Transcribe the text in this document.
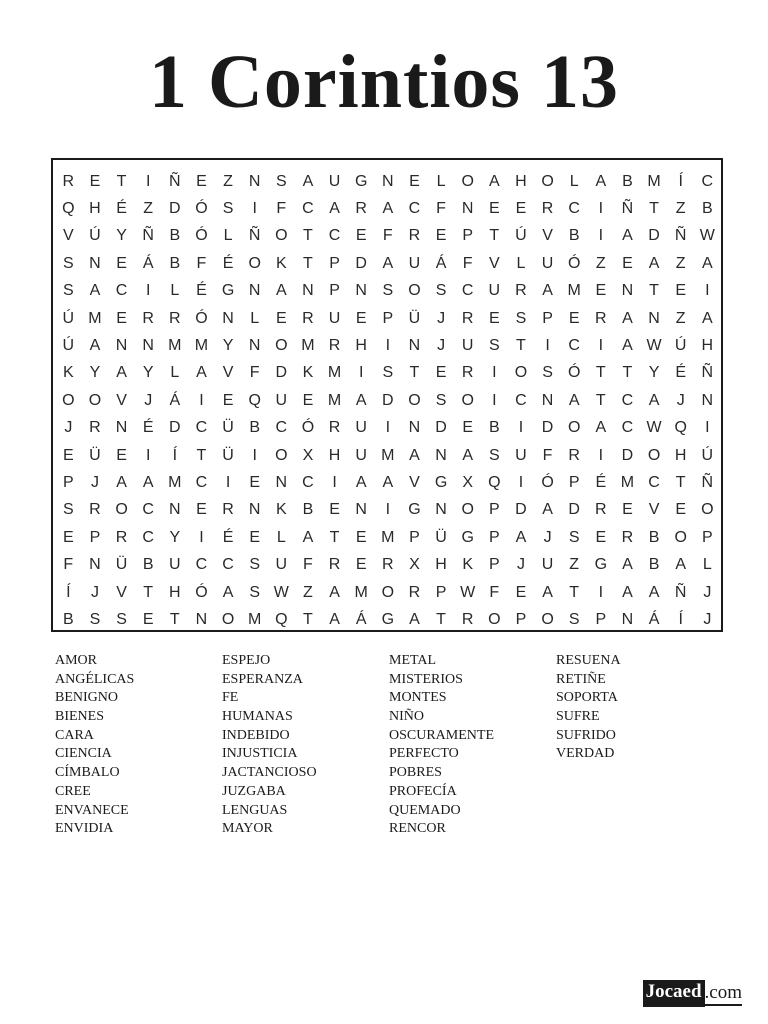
1 Corintios 13
R E	T	I	Ñ E	Z N S A U G N E	L O A H O L	A B M	Í	C
Q H É	Z D Ó S	I	F C A R A C F N E E R C	I	Ñ T	Z	B
V Ú Y Ñ B Ó L	Ñ O T C E	F R E P	T Ú V B	I	A D Ñ W
S N E Á B	F	É O K	T	P D A U Á	F	V	L	U Ó Z	E A	Z	A
S A C	I	L	É G N A N P N S O S C U R A M E N T	E	I
Ú M E R R Ó N	L	E R U E P Ü	J	R E S P E R A N Z	A
Ú A N N M M Y N O M R H	I	N	J	U S	T	I	C	I	A W Ú H
K Y A Y	L	A V	F D K M	I	S	T	E R	I	O S Ó T	T	Y É Ñ
O O V	J	Á	I	E Q U E M A D O S O	I	C N A	T C A	J	N
J	R N É D C Ü B C Ó R U	I	N D E B	I	D O A C W Q	I
E Ü E	I	Í	T Ü	I	O X H U M A N A S U F R	I	D O H Ú
P	J	A A M C	I	E N C	I	A A V G X Q	I	Ó P É M C T Ñ
S R O C N E R N K B E N	I	G N O P D A D R E V E O
E P R C Y	I	É E	L	A	T	E M P Ü G P A	J	S E R B O P
F N Ü B U C C S U F R E R X H K P	J	U Z G A B A	L
Í	J	V	T H Ó A S W Z	A M O R P W F	E A	T	I	A A Ñ	J
B S S E	T N O M Q T	A Á G A	T R O P O S P N Á	Í	J
AMOR
ANGÉLICAS
BENIGNO
BIENES
CARA
CIENCIA
CÍMBALO
CREE
ENVANECE
ENVIDIA
ESPEJO
ESPERANZA
FE
HUMANAS
INDEBIDO
INJUSTICIA
JACTANCIOSO
JUZGABA
LENGUAS
MAYOR
METAL
MISTERIOS
MONTES
NIÑO
OSCURAMENTE
PERFECTO
POBRES
PROFECÍA
QUEMADO
RENCOR
RESUENA
RETIÑE
SOPORTA
SUFRE
SUFRIDO
VERDAD
Jocaed .com
